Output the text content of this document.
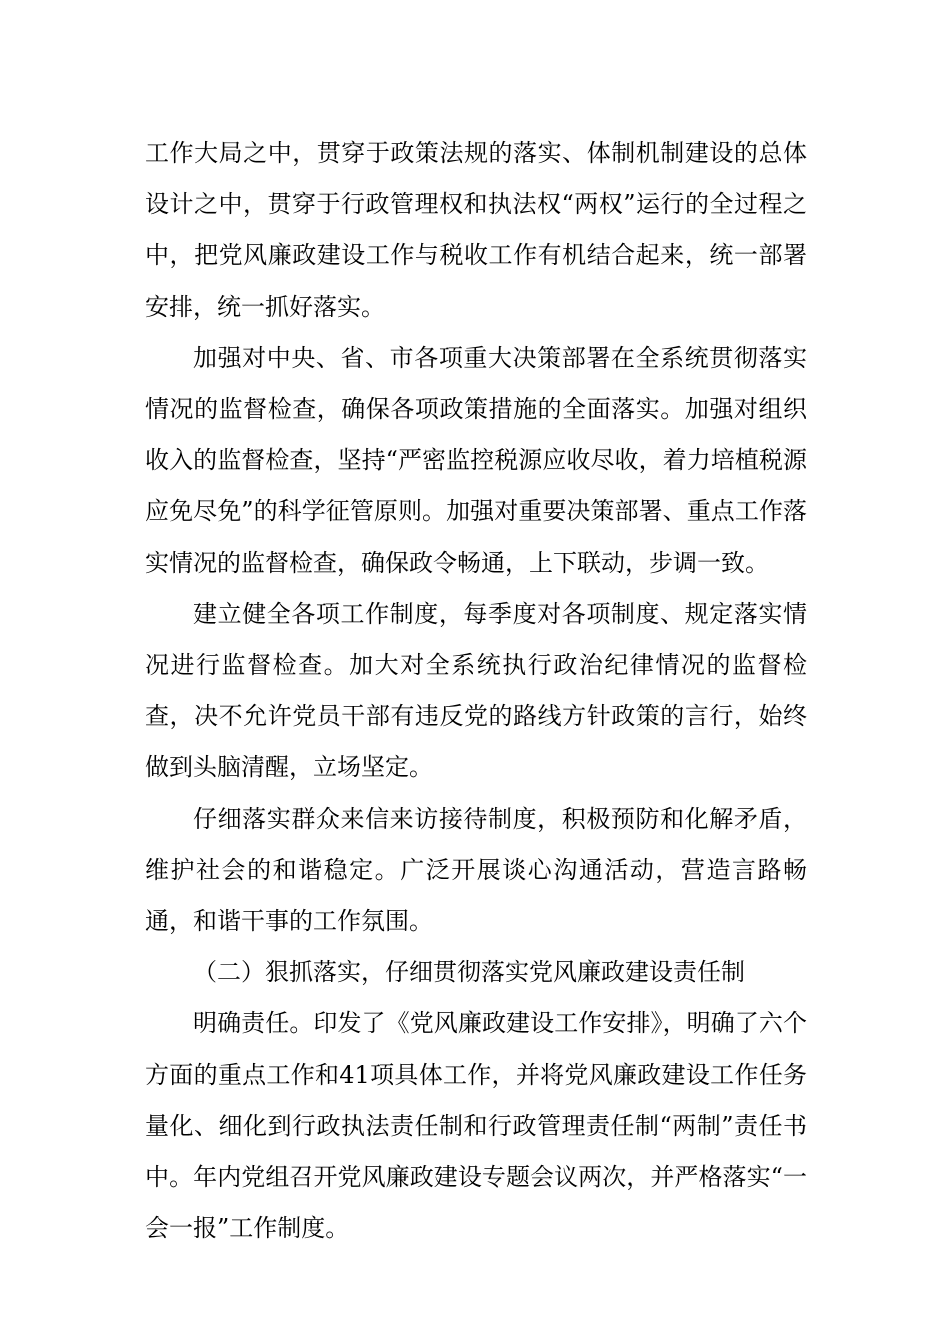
工作大局之中，贯穿于政策法规的落实、体制机制建设的总体设计之中，贯穿于行政管理权和执法权“两权”运行的全过程之中，把党风廉政建设工作与税收工作有机结合起来，统一部署安排，统一抓好落实。

加强对中央、省、市各项重大决策部署在全系统贯彻落实情况的监督检查，确保各项政策措施的全面落实。加强对组织收入的监督检查，坚持“严密监控税源应收尽收，着力培植税源应免尽免”的科学征管原则。加强对重要决策部署、重点工作落实情况的监督检查，确保政令畅通，上下联动，步调一致。

建立健全各项工作制度，每季度对各项制度、规定落实情况进行监督检查。加大对全系统执行政治纪律情况的监督检查，决不允许党员干部有违反党的路线方针政策的言行，始终做到头脑清醒，立场坚定。

仔细落实群众来信来访接待制度，积极预防和化解矛盾，维护社会的和谐稳定。广泛开展谈心沟通活动，营造言路畅通，和谐干事的工作氛围。

（二）狠抓落实，仔细贯彻落实党风廉政建设责任制

明确责任。印发了《党风廉政建设工作安排》，明确了六个方面的重点工作和41项具体工作，并将党风廉政建设工作任务量化、细化到行政执法责任制和行政管理责任制“两制”责任书中。年内党组召开党风廉政建设专题会议两次，并严格落实“一会一报”工作制度。
